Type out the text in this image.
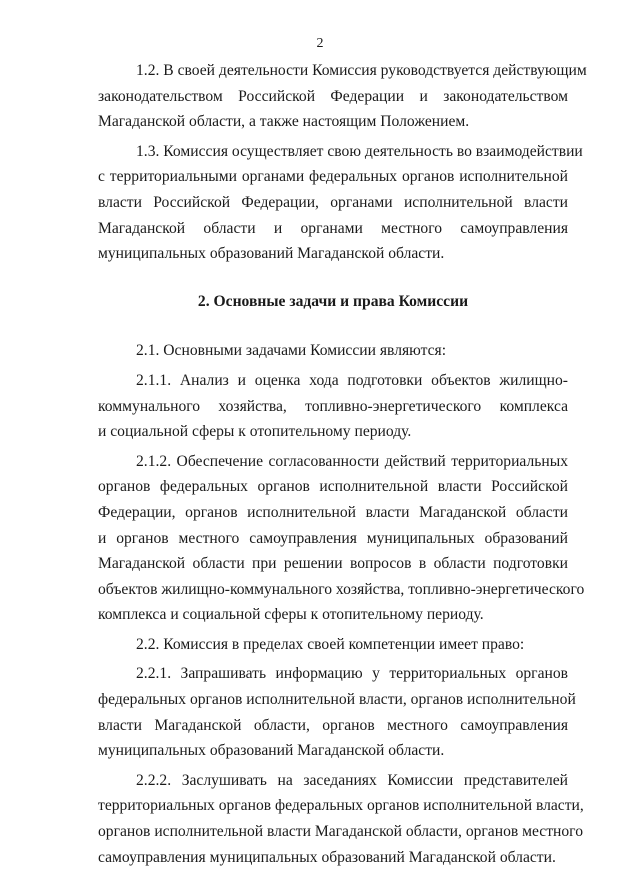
2
1.2. В своей деятельности Комиссия руководствуется действующим
законодательством Российской Федерации и законодательством
Магаданской области, а также настоящим Положением.
1.3. Комиссия осуществляет свою деятельность во взаимодействии
с территориальными органами федеральных органов исполнительной
власти Российской Федерации, органами исполнительной власти
Магаданской области и органами местного самоуправления
муниципальных образований Магаданской области.
2. Основные задачи и права Комиссии
2.1. Основными задачами Комиссии являются:
2.1.1. Анализ и оценка хода подготовки объектов жилищно-
коммунального хозяйства, топливно-энергетического комплекса
и социальной сферы к отопительному периоду.
2.1.2. Обеспечение согласованности действий территориальных
органов федеральных органов исполнительной власти Российской
Федерации, органов исполнительной власти Магаданской области
и органов местного самоуправления муниципальных образований
Магаданской области при решении вопросов в области подготовки
объектов жилищно-коммунального хозяйства, топливно-энергетического
комплекса и социальной сферы к отопительному периоду.
2.2. Комиссия в пределах своей компетенции имеет право:
2.2.1. Запрашивать информацию у территориальных органов
федеральных органов исполнительной власти, органов исполнительной
власти Магаданской области, органов местного самоуправления
муниципальных образований Магаданской области.
2.2.2. Заслушивать на заседаниях Комиссии представителей
территориальных органов федеральных органов исполнительной власти,
органов исполнительной власти Магаданской области, органов местного
самоуправления муниципальных образований Магаданской области.
